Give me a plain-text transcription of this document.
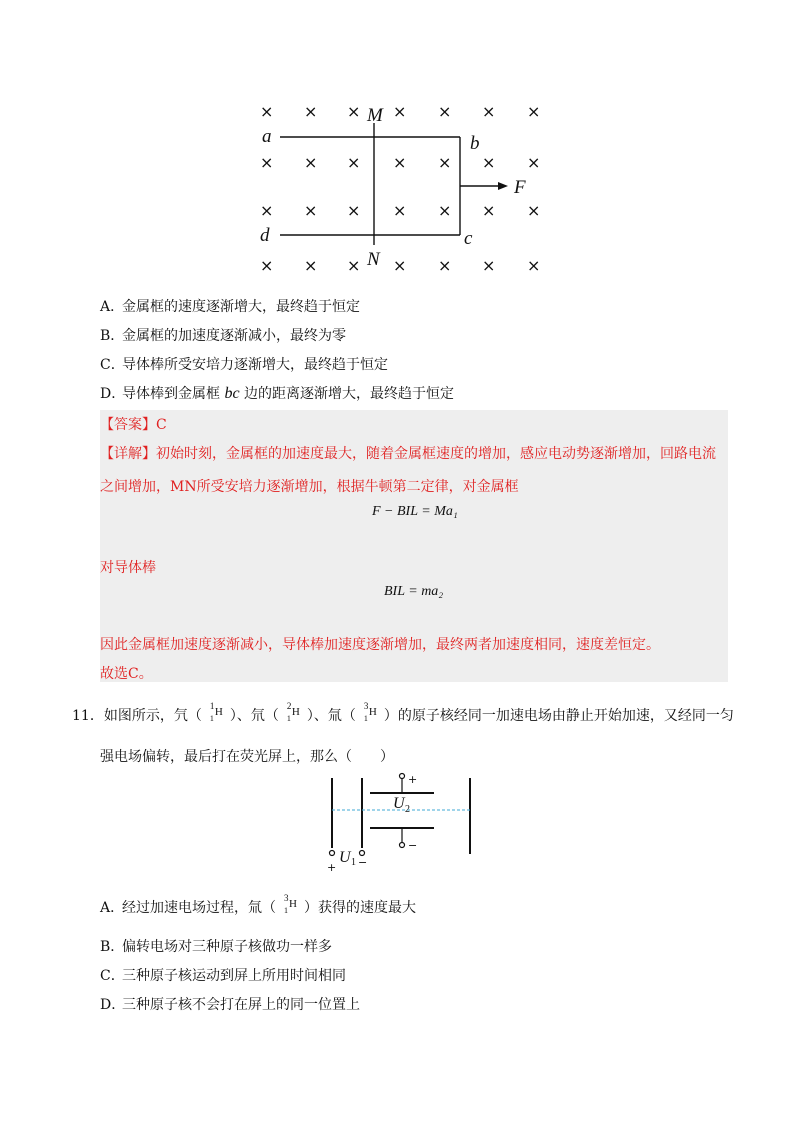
× × × × × × ×
× × × × × × ×
× × × × × × ×
× × × × × × ×
M
N
a	b
c
d
F
A．金属框的速度逐渐增大，最终趋于恒定
B．金属框的加速度逐渐减小，最终为零
C．导体棒所受安培力逐渐增大，最终趋于恒定
D．导体棒到金属框 bc 边的距离逐渐增大，最终趋于恒定
【答案】C
【详解】初始时刻，金属框的加速度最大，随着金属框速度的增加，感应电动势逐渐增加，回路电流
之间增加，MN所受安培力逐渐增加，根据牛顿第二定律，对金属框
F − BIL = Ma₁
对导体棒
BIL = ma₂
因此金属框加速度逐渐减小，导体棒加速度逐渐增加，最终两者加速度相同，速度差恒定。
故选C。
11．如图所示，氕（
1
1
H ）、氘（
2
1
H ）、氚（
3
1
H ）的原子核经同一加速电场由静止开始加速，又经同一匀
强电场偏转，最后打在荧光屏上，那么（　　）
+
−
+ −
U
U
2
1
A．经过加速电场过程，氚（
3
1
H ）获得的速度最大
B．偏转电场对三种原子核做功一样多
C．三种原子核运动到屏上所用时间相同
D．三种原子核不会打在屏上的同一位置上
